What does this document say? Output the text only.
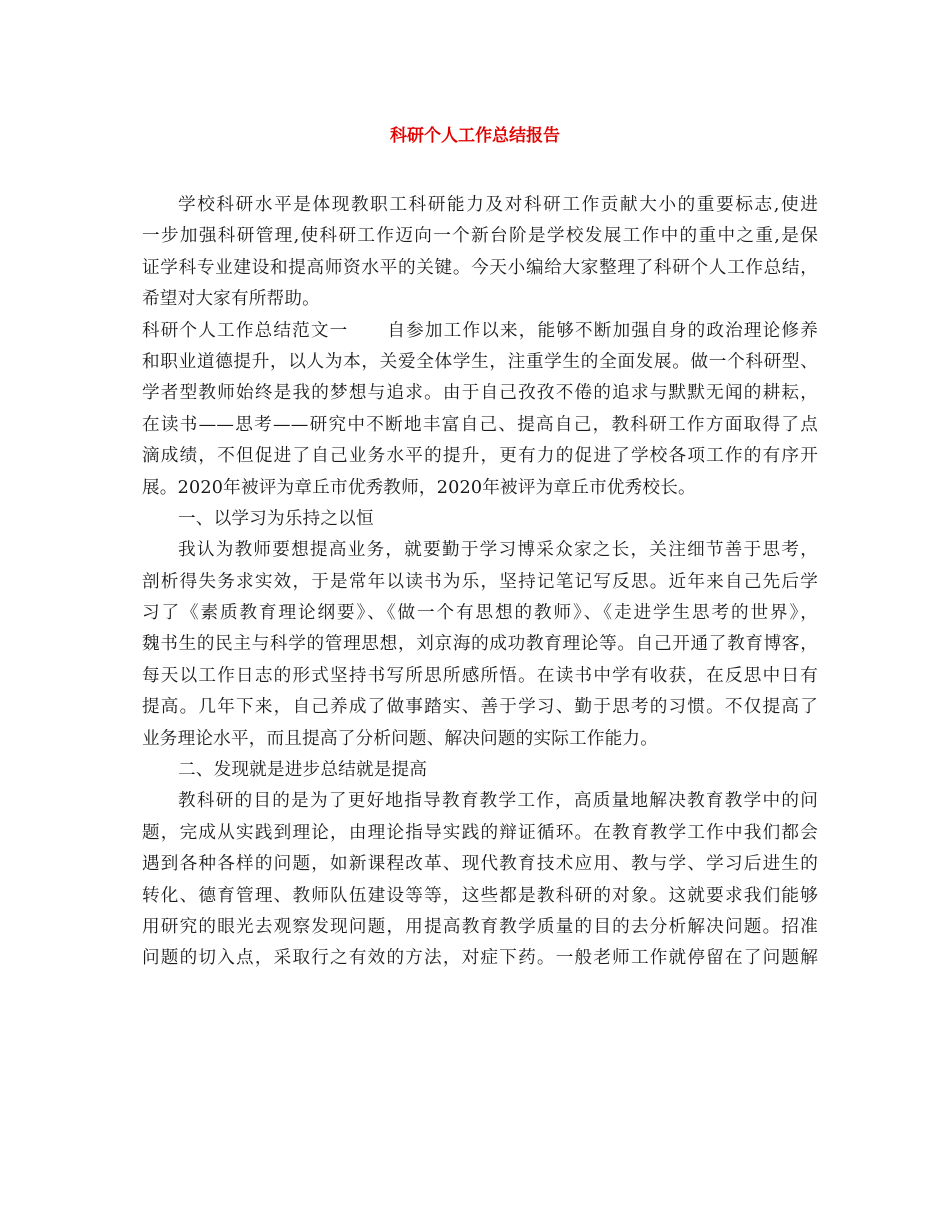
科研个人工作总结报告
学校科研水平是体现教职工科研能力及对科研工作贡献大小的重要标志,使进
一步加强科研管理,使科研工作迈向一个新台阶是学校发展工作中的重中之重,是保
证学科专业建设和提高师资水平的关键。今天小编给大家整理了科研个人工作总结，
希望对大家有所帮助。
科研个人工作总结范文一 自参加工作以来，能够不断加强自身的政治理论修养
和职业道德提升，以人为本，关爱全体学生，注重学生的全面发展。做一个科研型、
学者型教师始终是我的梦想与追求。由于自己孜孜不倦的追求与默默无闻的耕耘，
在读书——思考——研究中不断地丰富自己、提高自己，教科研工作方面取得了点
滴成绩，不但促进了自己业务水平的提升，更有力的促进了学校各项工作的有序开
展。2020年被评为章丘市优秀教师，2020年被评为章丘市优秀校长。
一、以学习为乐持之以恒
我认为教师要想提高业务，就要勤于学习博采众家之长，关注细节善于思考，
剖析得失务求实效，于是常年以读书为乐，坚持记笔记写反思。近年来自己先后学
习了《素质教育理论纲要》、《做一个有思想的教师》、《走进学生思考的世界》，
魏书生的民主与科学的管理思想，刘京海的成功教育理论等。自己开通了教育博客，
每天以工作日志的形式坚持书写所思所感所悟。在读书中学有收获，在反思中日有
提高。几年下来，自己养成了做事踏实、善于学习、勤于思考的习惯。不仅提高了
业务理论水平，而且提高了分析问题、解决问题的实际工作能力。
二、发现就是进步总结就是提高
教科研的目的是为了更好地指导教育教学工作，高质量地解决教育教学中的问
题，完成从实践到理论，由理论指导实践的辩证循环。在教育教学工作中我们都会
遇到各种各样的问题，如新课程改革、现代教育技术应用、教与学、学习后进生的
转化、德育管理、教师队伍建设等等，这些都是教科研的对象。这就要求我们能够
用研究的眼光去观察发现问题，用提高教育教学质量的目的去分析解决问题。招准
问题的切入点，采取行之有效的方法，对症下药。一般老师工作就停留在了问题解
